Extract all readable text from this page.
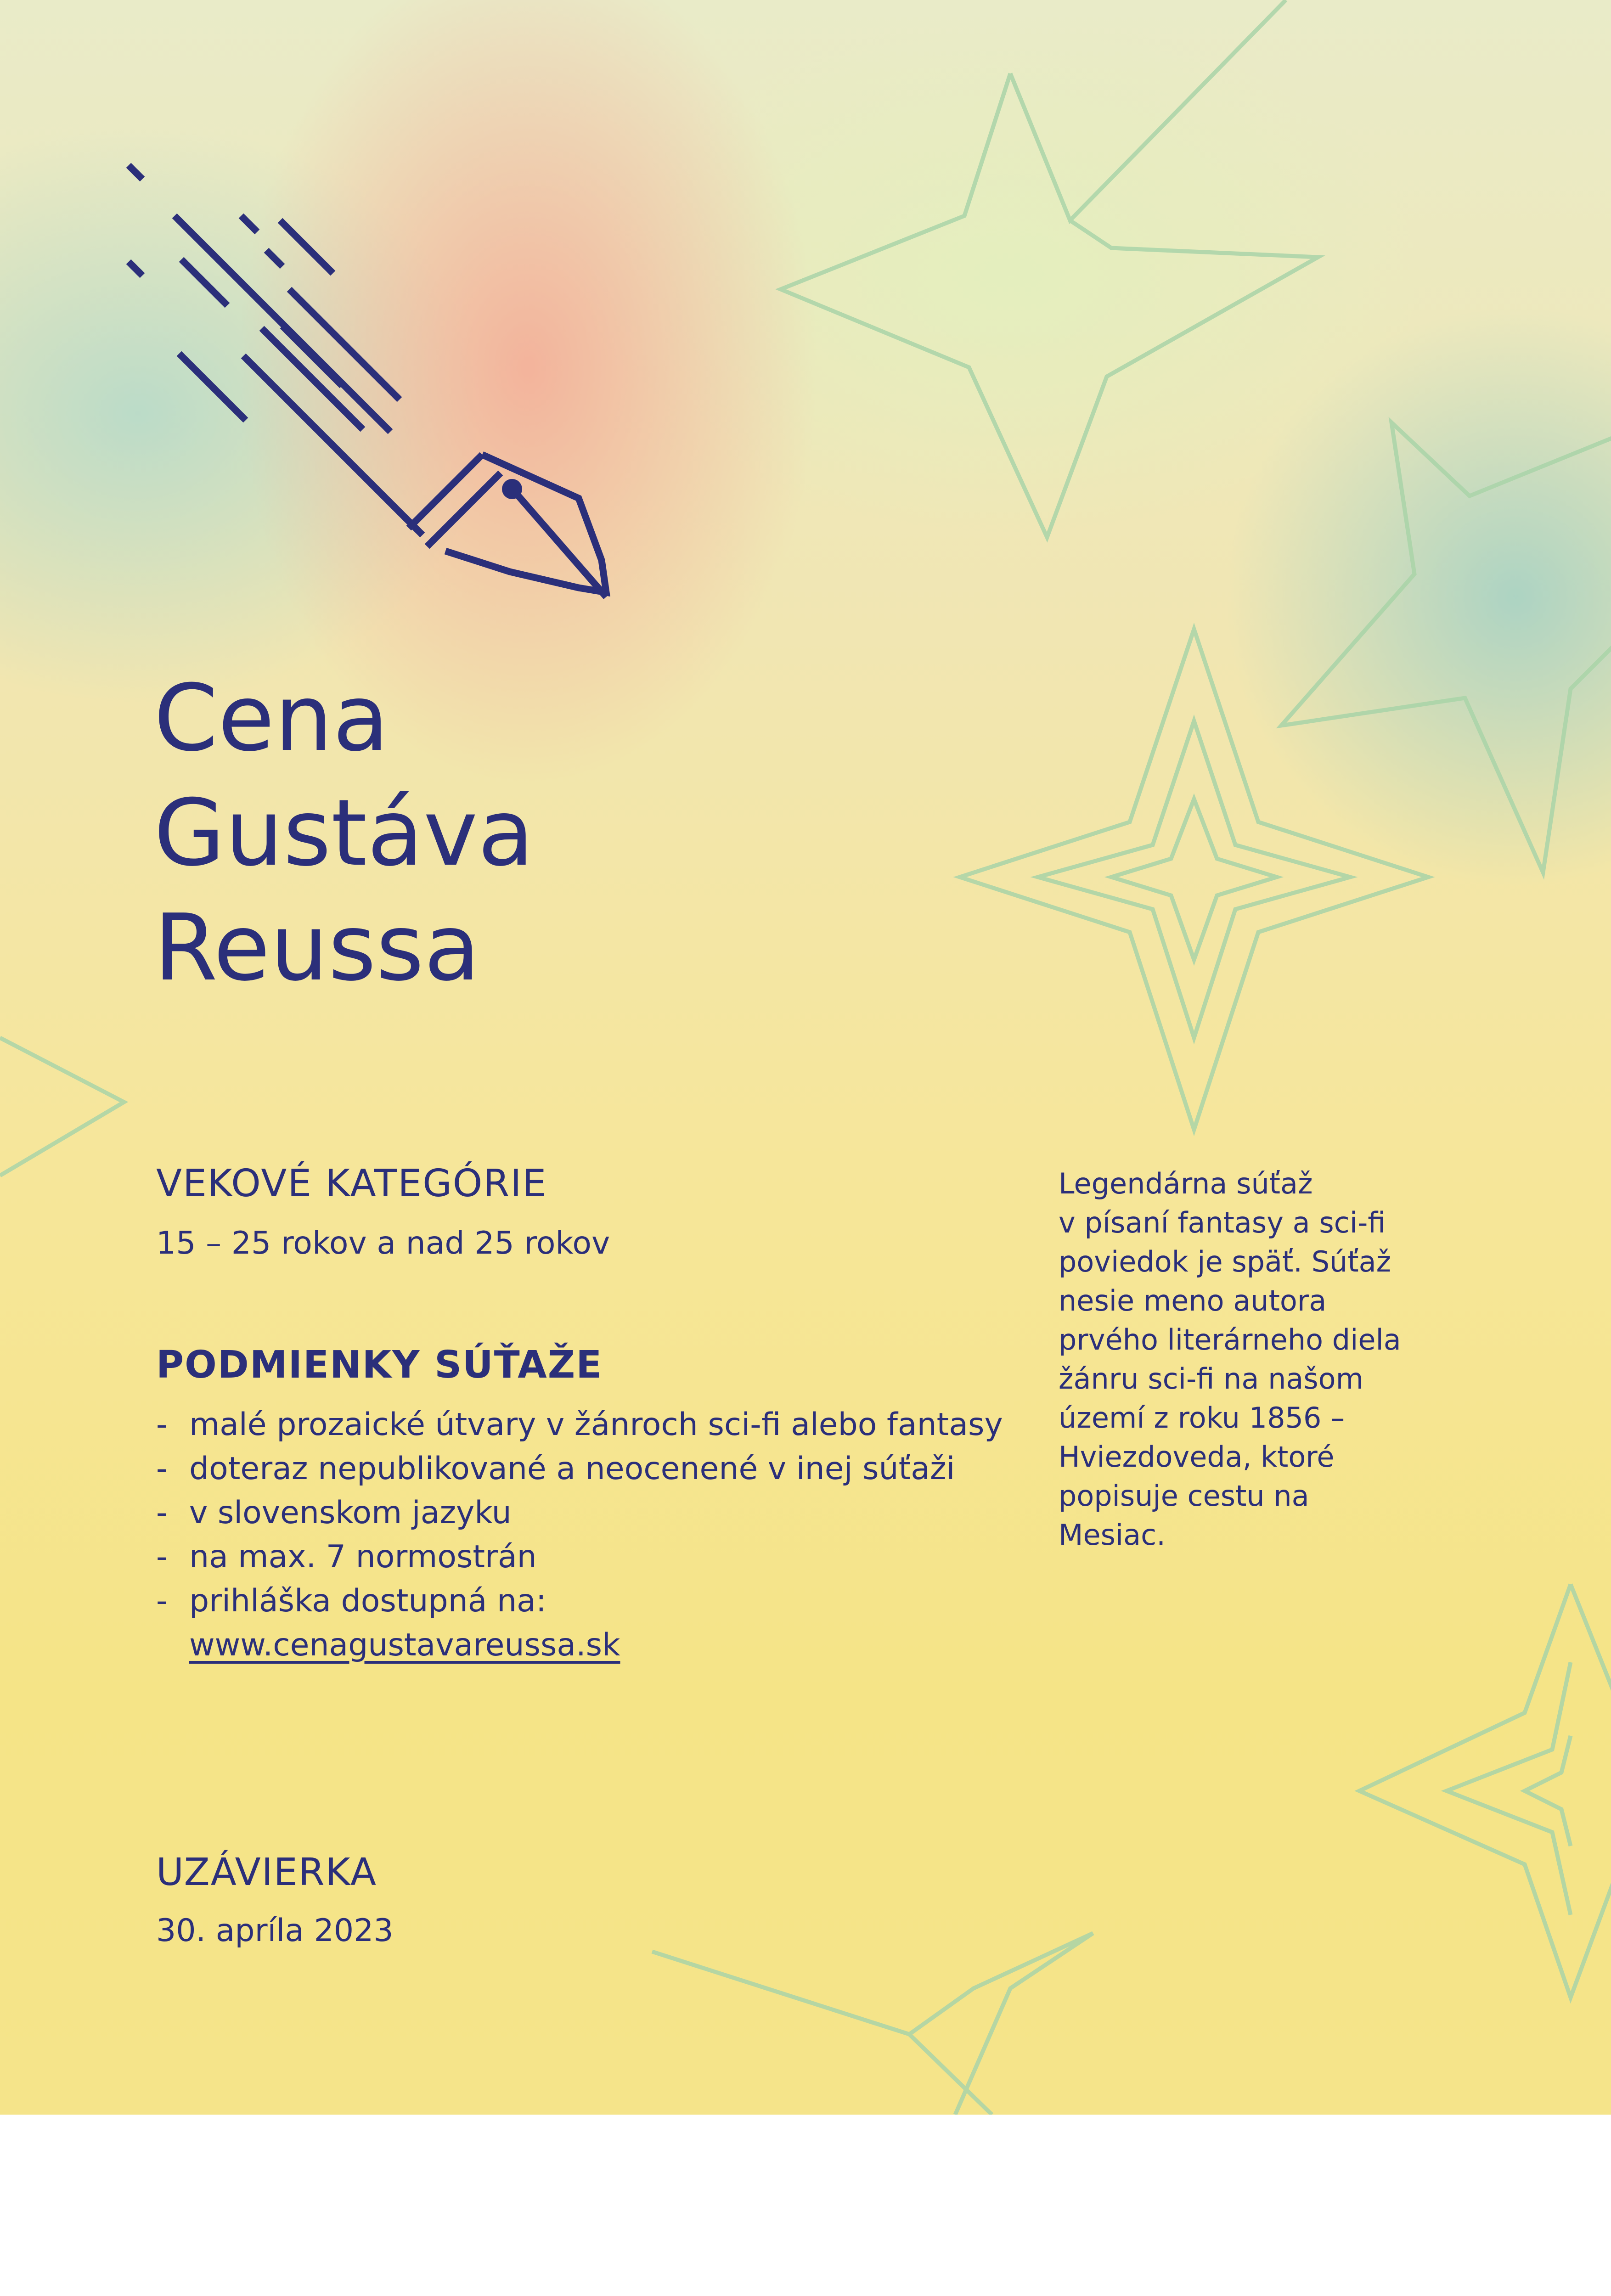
Cena
Gustáva
Reussa
VEKOVÉ KATEGÓRIE

15 – 25 rokov a nad 25 rokov

PODMIENKY SÚŤAŽE
-malé prozaické útvary v žánroch sci-fi alebo fantasy
-doteraz nepublikované a neocenené v inej súťaži
-v slovenskom jazyku
-na max. 7 normostrán
-prihláška dostupná na:
www.cenagustavareussa.sk
UZÁVIERKA

30. apríla 2023

Legendárna súťaž
v písaní fantasy a sci-fi
poviedok je späť. Súťaž
nesie meno autora
prvého literárneho diela
žánru sci-fi na našom
území z roku 1856 –
Hviezdoveda, ktoré
popisuje cestu na
Mesiac.
